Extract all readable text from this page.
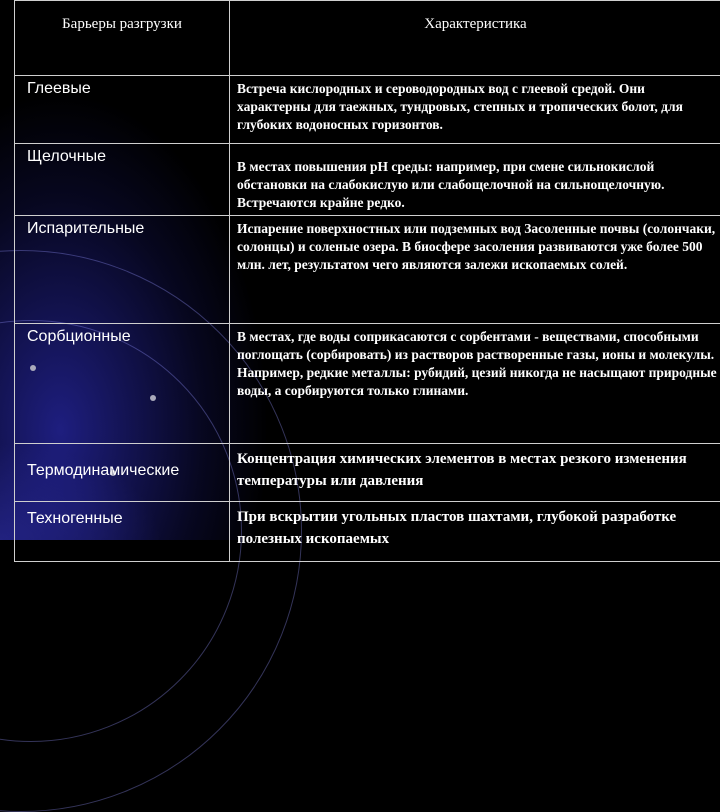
Барьеры разгрузки	Характеристика
Глеевые	Встреча кислородных и сероводородных вод с глеевой средой. Они характерны для таежных, тундровых, степных и тропических болот, для глубоких водоносных горизонтов.
Щелочные	В местах повышения рН среды: например, при смене сильнокислой обстановки на слабокислую или слабощелочной на сильнощелочную. Встречаются крайне редко.
Испарительные	Испарение поверхностных или подземных вод Засоленные почвы (солончаки, солонцы) и соленые озера. В биосфере засоления развиваются уже более 500 млн. лет, результатом чего являются залежи ископаемых солей.
Сорбционные	В местах, где воды соприкасаются с сорбентами - веществами, способными поглощать (сорбировать) из растворов растворенные газы, ионы и молекулы. Например, редкие металлы: рубидий, цезий никогда не насыщают природные воды, а сорбируются только глинами.
Термодинамические	Концентрация химических элементов в местах резкого изменения температуры или давления
Техногенные	При вскрытии угольных пластов шахтами, глубокой разработке полезных ископаемых
